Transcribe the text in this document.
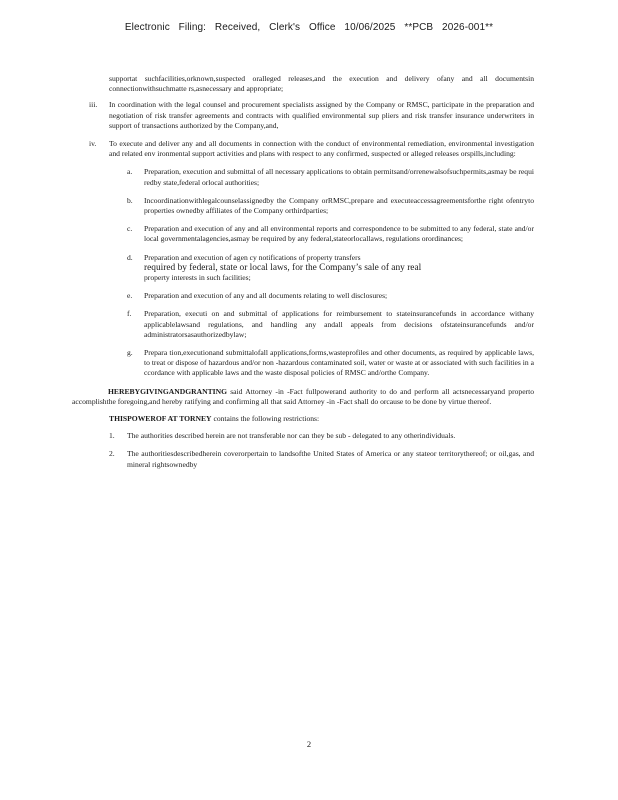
Electronic Filing: Received, Clerk's Office 10/06/2025 **PCB 2026-001**

supportat suchfacilities,orknown,suspected oralleged releases,and the execution and delivery ofany and all documentsin connectionwithsuchmatte rs,asnecessary and appropriate;

iii. In coordination with the legal counsel and procurement specialists assigned by the Company or RMSC, participate in the preparation and negotiation of risk transfer agreements and contracts with qualified environmental sup pliers and risk transfer insurance underwriters in support of transactions authorized by the Company,and,

iv. To execute and deliver any and all documents in connection with the conduct of environmental remediation, environmental investigation and related env ironmental support activities and plans with respect to any confirmed, suspected or alleged releases orspills,including:

a. Preparation, execution and submittal of all necessary applications to obtain permitsand/orrenewalsofsuchpermits,asmay be requi redby state,federal orlocal authorities;

b. Incoordinationwithlegalcounselassignedby the Company orRMSC,prepare and executeaccessagreementsforthe right ofentryto properties ownedby affiliates of the Company orthirdparties;

c. Preparation and execution of any and all environmental reports and correspondence to be submitted to any federal, state and/or local governmentalagencies,asmay be required by any federal,stateorlocallaws, regulations orordinances;

d. Preparation and execution of agen cy notifications of property transfers

required by federal, state or local laws, for the Company’s sale of any real

property interests in such facilities;

e. Preparation and execution of any and all documents relating to well disclosures;

f. Preparation, executi on and submittal of applications for reimbursement to stateinsurancefunds in accordance withany applicablelawsand regulations, and handling any andall appeals from decisions ofstateinsurancefunds and/or administratorsasauthorizedbylaw;

g. Prepara tion,executionand submittalofall applications,forms,wasteprofiles and other documents, as required by applicable laws, to treat or dispose of hazardous and/or non -hazardous contaminated soil, water or waste at or associated with such facilities in a ccordance with applicable laws and the waste disposal policies of RMSC and/orthe Company.

HEREBYGIVINGANDGRANTING said Attorney -in -Fact fullpowerand authority to do and perform all actsnecessaryand properto accomplishthe foregoing,and hereby ratifying and confirming all that said Attorney -in -Fact shall do orcause to be done by virtue thereof.

THISPOWEROF AT TORNEY contains the following restrictions:

1. The authorities described herein are not transferable nor can they be sub - delegated to any otherindividuals.

2. The authoritiesdescribedherein coverorpertain to landsofthe United States of America or any stateor territorythereof; or oil,gas, and mineral rightsownedby

2
